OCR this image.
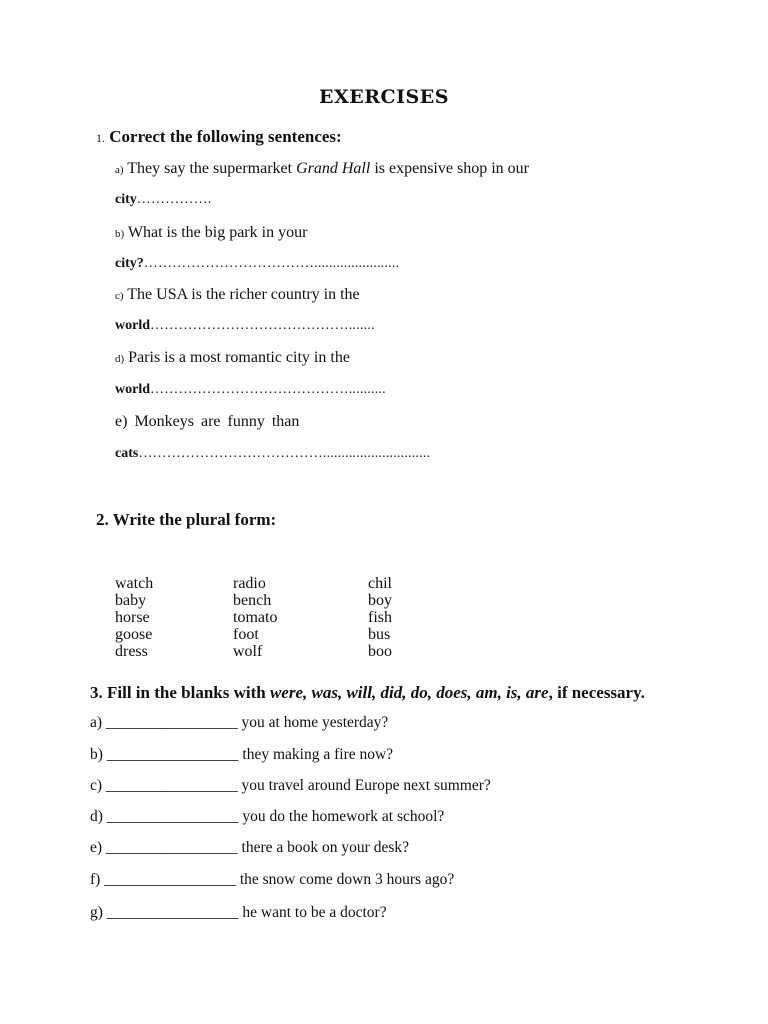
EXERCISES
1. Correct the following sentences:
a) They say the supermarket Grand Hall is expensive shop in our
city…………….
b) What is the big park in your
city?……………………………….......................
c) The USA is the richer country in the
world…………………………………….......
d) Paris is a most romantic city in the
world……………………………………..........
e) Monkeys are funny than
cats………………………………….............................
2. Write the plural form:
watch
baby
horse
goose
dress
radio
bench
tomato
foot
wolf
chil
boy
fish
bus
boo
3. Fill in the blanks with were, was, will, did, do, does, am, is, are, if necessary.
a) _________________ you at home yesterday?
b) _________________ they making a fire now?
c) _________________ you travel around Europe next summer?
d) _________________ you do the homework at school?
e) _________________ there a book on your desk?
f) _________________ the snow come down 3 hours ago?
g) _________________ he want to be a doctor?
